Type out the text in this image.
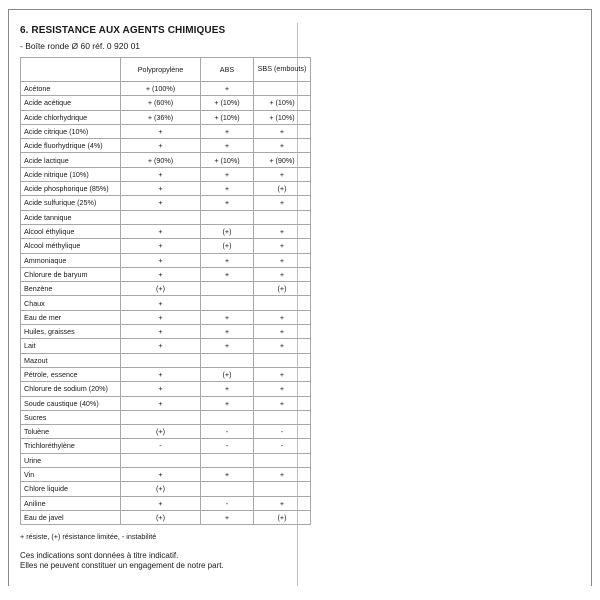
6. RESISTANCE AUX AGENTS CHIMIQUES
- Boîte ronde Ø 60 réf. 0 920 01
	Polypropylène	ABS	SBS (embouts)
Acétone	+ (100%)	+	
Acide acétique	+ (60%)	+ (10%)	+ (10%)
Acide chlorhydrique	+ (36%)	+ (10%)	+ (10%)
Acide citrique (10%)	+	+	+
Acide fluorhydrique (4%)	+	+	+
Acide lactique	+ (90%)	+ (10%)	+ (90%)
Acide nitrique (10%)	+	+	+
Acide phosphorique (85%)	+	+	(+)
Acide sulfurique (25%)	+	+	+
Acide tannique			
Alcool éthylique	+	(+)	+
Alcool méthylique	+	(+)	+
Ammoniaque	+	+	+
Chlorure de baryum	+	+	+
Benzène	(+)		(+)
Chaux	+		
Eau de mer	+	+	+
Huiles, graisses	+	+	+
Lait	+	+	+
Mazout			
Pétrole, essence	+	(+)	+
Chlorure de sodium (20%)	+	+	+
Soude caustique (40%)	+	+	+
Sucres			
Toluène	(+)	-	-
Trichloréthylène	-	-	-
Urine			
Vin	+	+	+
Chlore liquide	(+)		
Aniline	+	-	+
Eau de javel	(+)	+	(+)
+ résiste, (+) résistance limitée, - instabilité
Ces indications sont données à titre indicatif.
Elles ne peuvent constituer un engagement de notre part.
